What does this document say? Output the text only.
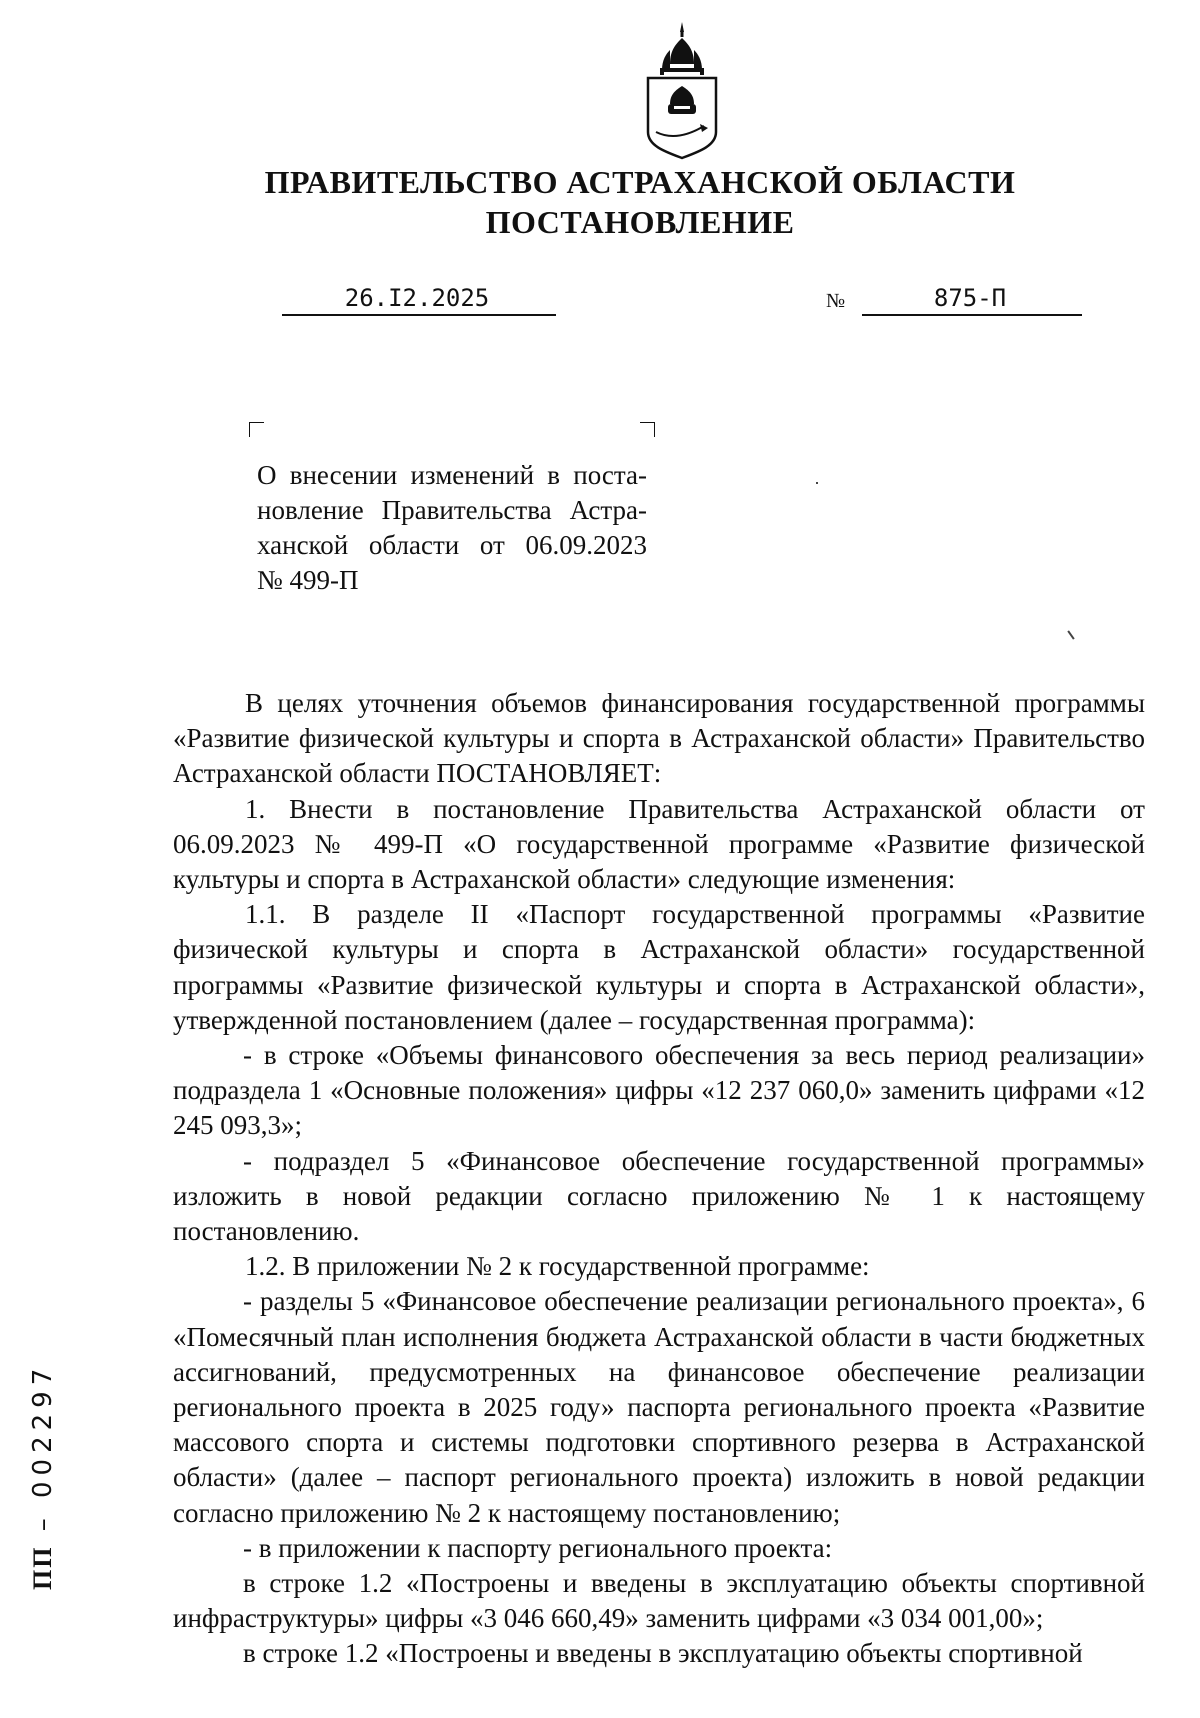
ПРАВИТЕЛЬСТВО АСТРАХАНСКОЙ ОБЛАСТИ
ПОСТАНОВЛЕНИЕ
26.I2.2025	№	875-П
О внесении изменений в поста-
новление Правительства Астра-
ханской области от 06.09.2023
№ 499-П

В целях уточнения объемов финансирования государственной программы «Развитие физической культуры и спорта в Астраханской области» Правительство Астраханской области ПОСТАНОВЛЯЕТ:

1. Внести в постановление Правительства Астраханской области от 06.09.2023 № 499-П «О государственной программе «Развитие физической культуры и спорта в Астраханской области» следующие изменения:

1.1. В разделе II «Паспорт государственной программы «Развитие физической культуры и спорта в Астраханской области» государственной программы «Развитие физической культуры и спорта в Астраханской области», утвержденной постановлением (далее – государственная программа):

- в строке «Объемы финансового обеспечения за весь период реализации» подраздела 1 «Основные положения» цифры «12 237 060,0» заменить цифрами «12 245 093,3»;

- подраздел 5 «Финансовое обеспечение государственной программы» изложить в новой редакции согласно приложению № 1 к настоящему постановлению.

1.2. В приложении № 2 к государственной программе:

- разделы 5 «Финансовое обеспечение реализации регионального проекта», 6 «Помесячный план исполнения бюджета Астраханской области в части бюджетных ассигнований, предусмотренных на финансовое обеспечение реализации регионального проекта в 2025 году» паспорта регионального проекта «Развитие массового спорта и системы подготовки спортивного резерва в Астраханской области» (далее – паспорт регионального проекта) изложить в новой редакции согласно приложению № 2 к настоящему постановлению;

- в приложении к паспорту регионального проекта:

в строке 1.2 «Построены и введены в эксплуатацию объекты спортивной инфраструктуры» цифры «3 046 660,49» заменить цифрами «3 034 001,00»;

в строке 1.2 «Построены и введены в эксплуатацию объекты спортивной

ПП – 002297
